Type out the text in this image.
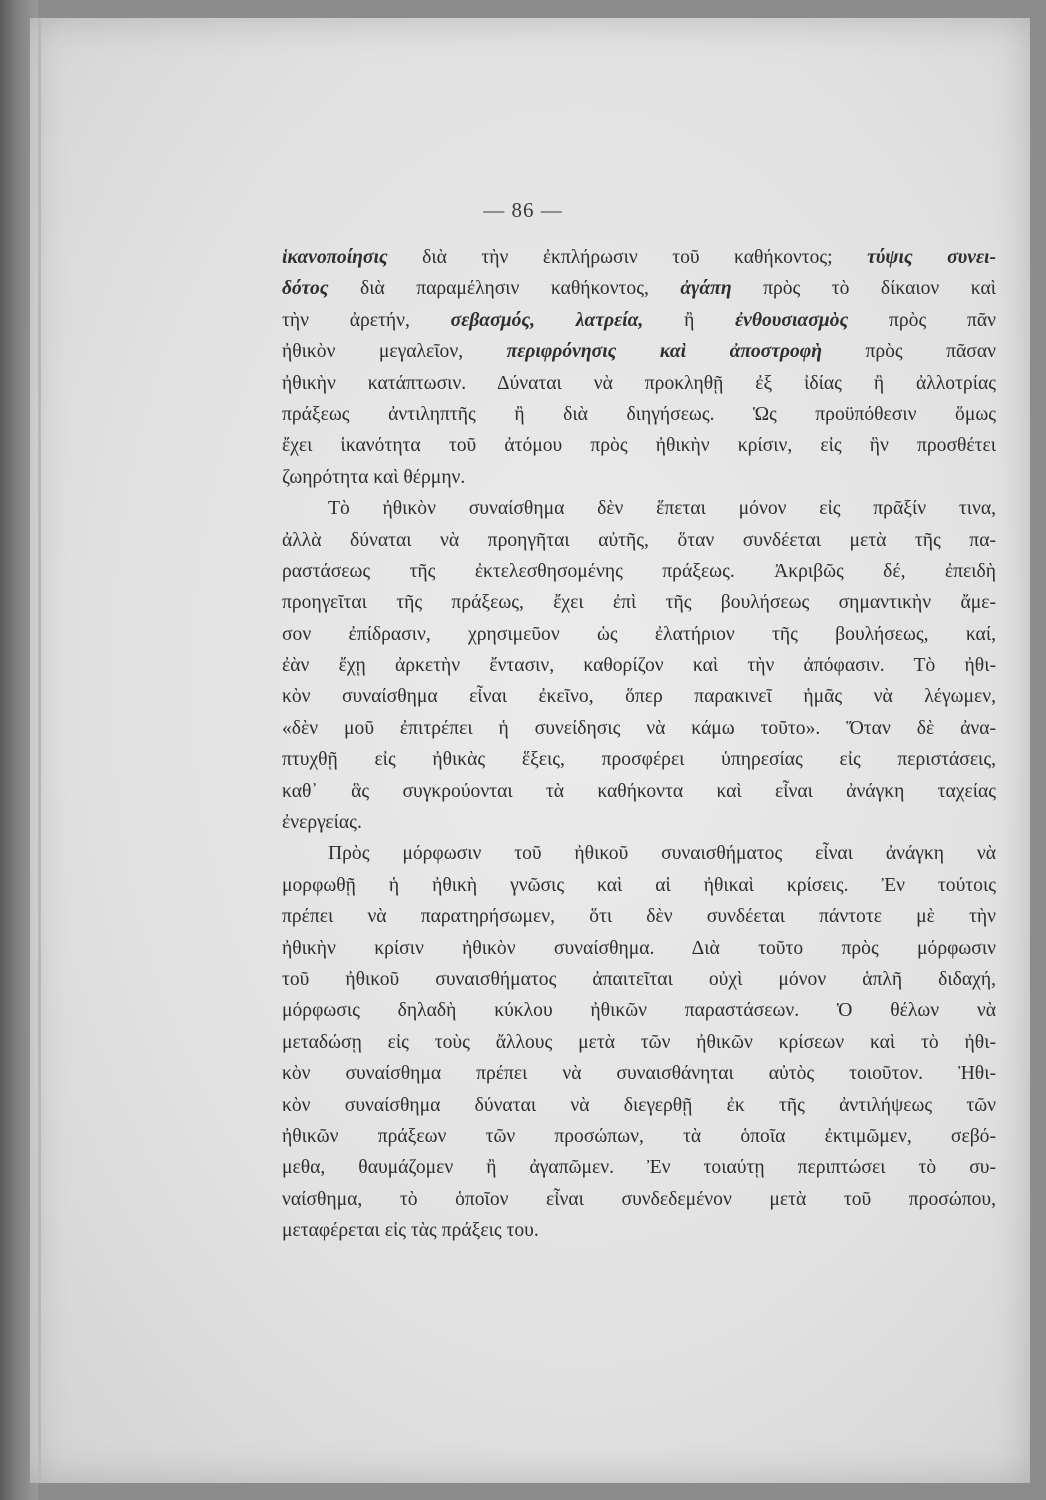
— 86 —
ἱκανοποίησις διὰ τὴν ἐκπλήρωσιν τοῦ καθήκοντος; τύψις συνει-
δότος διὰ παραμέλησιν καθήκοντος, ἀγάπη πρὸς τὸ δίκαιον καὶ
τὴν ἀρετήν, σεβασμός, λατρεία, ἢ ἐνθουσιασμὸς πρὸς πᾶν
ἠθικὸν μεγαλεῖον, περιφρόνησις καὶ ἀποστροφὴ πρὸς πᾶσαν
ἠθικὴν κατάπτωσιν. Δύναται νὰ προκληθῇ ἐξ ἰδίας ἢ ἀλλοτρίας
πράξεως ἀντιληπτῆς ἢ διὰ διηγήσεως. Ὡς προϋπόθεσιν ὅμως
ἔχει ἱκανότητα τοῦ ἀτόμου πρὸς ἠθικὴν κρίσιν, εἰς ἣν προσθέτει
ζωηρότητα καὶ θέρμην.
Τὸ ἠθικὸν συναίσθημα δὲν ἕπεται μόνον εἰς πρᾶξίν τινα,
ἀλλὰ δύναται νὰ προηγῆται αὐτῆς, ὅταν συνδέεται μετὰ τῆς πα-
ραστάσεως τῆς ἐκτελεσθησομένης πράξεως. Ἀκριβῶς δέ, ἐπειδὴ
προηγεῖται τῆς πράξεως, ἔχει ἐπὶ τῆς βουλήσεως σημαντικὴν ἄμε-
σον ἐπίδρασιν, χρησιμεῦον ὡς ἐλατήριον τῆς βουλήσεως, καί,
ἐὰν ἔχῃ ἀρκετὴν ἔντασιν, καθορίζον καὶ τὴν ἀπόφασιν. Τὸ ἠθι-
κὸν συναίσθημα εἶναι ἐκεῖνο, ὅπερ παρακινεῖ ἡμᾶς νὰ λέγωμεν,
«δὲν μοῦ ἐπιτρέπει ἡ συνείδησις νὰ κάμω τοῦτο». Ὅταν δὲ ἀνα-
πτυχθῇ εἰς ἠθικὰς ἕξεις, προσφέρει ὑπηρεσίας εἰς περιστάσεις,
καθ᾽ ἃς συγκρούονται τὰ καθήκοντα καὶ εἶναι ἀνάγκη ταχείας
ἐνεργείας.
Πρὸς μόρφωσιν τοῦ ἠθικοῦ συναισθήματος εἶναι ἀνάγκη νὰ
μορφωθῇ ἡ ἠθικὴ γνῶσις καὶ αἱ ἠθικαὶ κρίσεις. Ἐν τούτοις
πρέπει νὰ παρατηρήσωμεν, ὅτι δὲν συνδέεται πάντοτε μὲ τὴν
ἠθικὴν κρίσιν ἠθικὸν συναίσθημα. Διὰ τοῦτο πρὸς μόρφωσιν
τοῦ ἠθικοῦ συναισθήματος ἀπαιτεῖται οὐχὶ μόνον ἁπλῆ διδαχή,
μόρφωσις δηλαδὴ κύκλου ἠθικῶν παραστάσεων. Ὁ θέλων νὰ
μεταδώσῃ εἰς τοὺς ἄλλους μετὰ τῶν ἠθικῶν κρίσεων καὶ τὸ ἠθι-
κὸν συναίσθημα πρέπει νὰ συναισθάνηται αὐτὸς τοιοῦτον. Ἠθι-
κὸν συναίσθημα δύναται νὰ διεγερθῇ ἐκ τῆς ἀντιλήψεως τῶν
ἠθικῶν πράξεων τῶν προσώπων, τὰ ὁποῖα ἐκτιμῶμεν, σεβό-
μεθα, θαυμάζομεν ἢ ἀγαπῶμεν. Ἐν τοιαύτῃ περιπτώσει τὸ συ-
ναίσθημα, τὸ ὁποῖον εἶναι συνδεδεμένον μετὰ τοῦ προσώπου,
μεταφέρεται εἰς τὰς πράξεις του.
